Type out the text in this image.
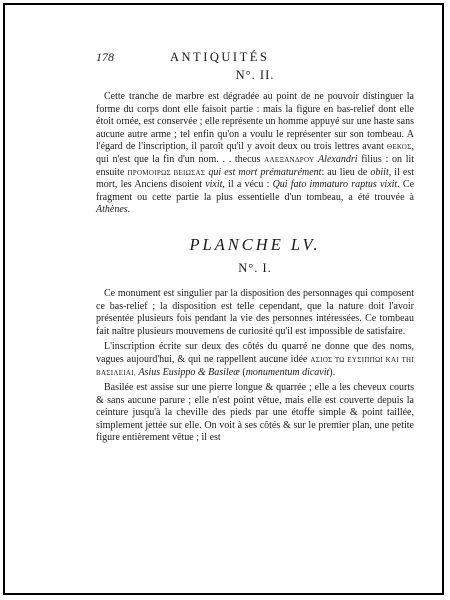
178	ANTIQUITÉS
N°. II.

Cette tranche de marbre est dégradée au point de ne pouvoir distinguer la forme du corps dont elle faisoit partie : mais la figure en bas-relief dont elle étoit ornée, est conservée ; elle représente un homme appuyé sur une haste sans aucune autre arme ; tel enfin qu'on a voulu le représenter sur son tombeau. A l'égard de l'inscription, il paroît qu'il y avoit deux ou trois lettres avant ΘΕΚΟΣ, qui n'est que la fin d'un nom. . . thecus ΑΛΕΞΑΝΔΡΟΥ Alexandri filius : on lit ensuite ΠΡΟΜΟΙΡΩΣ ΒΕΙΩΣΑΣ qui est mort prématurément: au lieu de obiit, il est mort, les Anciens disoient vixit, il a vécu : Qui fato immaturo raptus vixit. Ce fragment ou cette partie la plus essentielle d'un tombeau, a été trouvée à Athènes.

PLANCHE LV.
N°. I.

Ce monument est singulier par la disposition des personnages qui composent ce bas-relief ; la disposition est telle cependant, que la nature doit l'avoir présentée plusieurs fois pendant la vie des personnes intéressées. Ce tombeau fait naître plusieurs mouvemens de curiosité qu'il est impossible de satisfaire.

L'inscription écrite sur deux des côtés du quarré ne donne que des noms, vagues aujourd'hui, & qui ne rappellent aucune idée ΑΣΙΟΣ ΤΩ ΕΥΣΙΠΠΩΙ ΚΑΙ ΤΗΙ ΒΑΣΙΛΕΙΑΙ, Asius Eusippo & Basileæ (monumentum dicavit).

Basilée est assise sur une pierre longue & quarrée ; elle a les cheveux courts & sans aucune parure ; elle n'est point vêtue, mais elle est couverte depuis la ceinture jusqu'à la cheville des pieds par une étoffe simple & point taillée, simplement jettée sur elle. On voit à ses côtés & sur le premier plan, une petite figure entièrement vêtue ; il est
